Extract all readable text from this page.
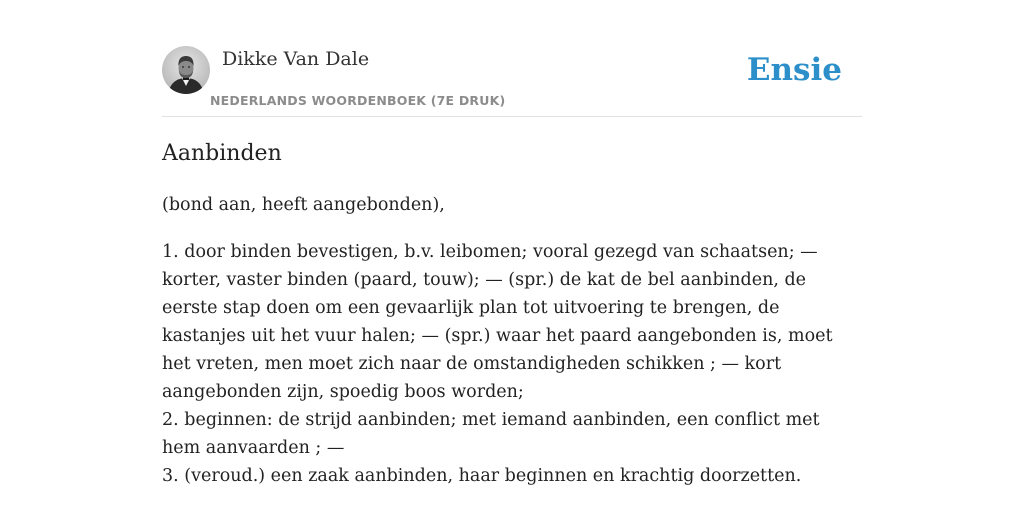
Dikke Van Dale
NEDERLANDS WOORDENBOEK (7E DRUK)
Ensie
Aanbinden

(bond aan, heeft aangebonden),

1. door binden bevestigen, b.v. leibomen; vooral gezegd van schaatsen; — korter, vaster binden (paard, touw); — (spr.) de kat de bel aanbinden, de eerste stap doen om een gevaarlijk plan tot uitvoering te brengen, de kastanjes uit het vuur halen; — (spr.) waar het paard aangebonden is, moet het vreten, men moet zich naar de omstandigheden schikken ; — kort aangebonden zijn, spoedig boos worden;
2. beginnen: de strijd aanbinden; met iemand aanbinden, een conflict met hem aanvaarden ; —
3. (veroud.) een zaak aanbinden, haar beginnen en krachtig doorzetten.
